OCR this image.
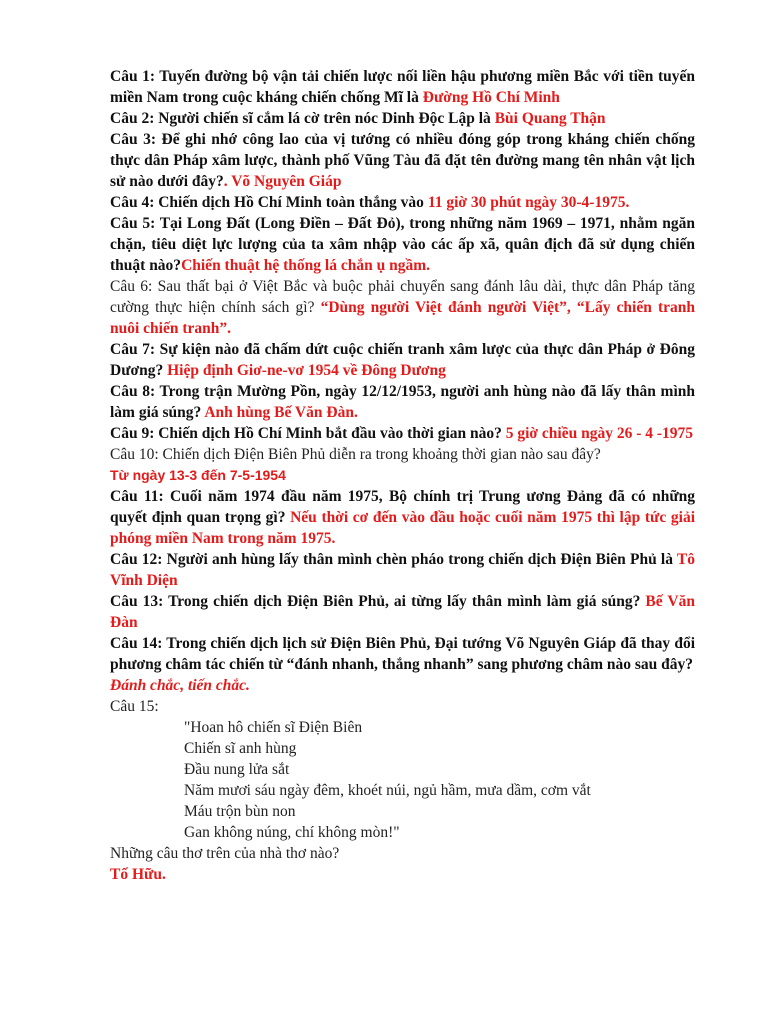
Câu 1: Tuyến đường bộ vận tải chiến lược nối liền hậu phương miền Bắc với tiền tuyến miền Nam trong cuộc kháng chiến chống Mĩ là Đường Hồ Chí Minh

Câu 2: Người chiến sĩ cắm lá cờ trên nóc Dinh Độc Lập là Bùi Quang Thận

Câu 3: Để ghi nhớ công lao của vị tướng có nhiều đóng góp trong kháng chiến chống thực dân Pháp xâm lược, thành phố Vũng Tàu đã đặt tên đường mang tên nhân vật lịch sử nào dưới đây?. Võ Nguyên Giáp

Câu 4: Chiến dịch Hồ Chí Minh toàn thắng vào 11 giờ 30 phút ngày 30-4-1975.

Câu 5: Tại Long Đất (Long Điền – Đất Đỏ), trong những năm 1969 – 1971, nhằm ngăn chặn, tiêu diệt lực lượng của ta xâm nhập vào các ấp xã, quân địch đã sử dụng chiến thuật nào?Chiến thuật hệ thống lá chắn ụ ngầm.

Câu 6: Sau thất bại ở Việt Bắc và buộc phải chuyển sang đánh lâu dài, thực dân Pháp tăng cường thực hiện chính sách gì? “Dùng người Việt đánh người Việt”, “Lấy chiến tranh nuôi chiến tranh”.

Câu 7: Sự kiện nào đã chấm dứt cuộc chiến tranh xâm lược của thực dân Pháp ở Đông Dương? Hiệp định Giơ-ne-vơ 1954 về Đông Dương

Câu 8: Trong trận Mường Pồn, ngày 12/12/1953, người anh hùng nào đã lấy thân mình làm giá súng? Anh hùng Bế Văn Đàn.

Câu 9: Chiến dịch Hồ Chí Minh bắt đầu vào thời gian nào? 5 giờ chiều ngày 26 - 4 -1975

Câu 10: Chiến dịch Điện Biên Phủ diễn ra trong khoảng thời gian nào sau đây?
Từ ngày 13-3 đến 7-5-1954

Câu 11: Cuối năm 1974 đầu năm 1975, Bộ chính trị Trung ương Đảng đã có những quyết định quan trọng gì? Nếu thời cơ đến vào đầu hoặc cuối năm 1975 thì lập tức giải phóng miền Nam trong năm 1975.

Câu 12: Người anh hùng lấy thân mình chèn pháo trong chiến dịch Điện Biên Phủ là Tô Vĩnh Diện

Câu 13: Trong chiến dịch Điện Biên Phủ, ai từng lấy thân mình làm giá súng? Bế Văn Đàn

Câu 14: Trong chiến dịch lịch sử Điện Biên Phủ, Đại tướng Võ Nguyên Giáp đã thay đổi phương châm tác chiến từ “đánh nhanh, thắng nhanh” sang phương châm nào sau đây?

Đánh chắc, tiến chắc.

Câu 15:

"Hoan hô chiến sĩ Điện Biên

Chiến sĩ anh hùng

Đầu nung lửa sắt

Năm mươi sáu ngày đêm, khoét núi, ngủ hầm, mưa dầm, cơm vắt

Máu trộn bùn non

Gan không núng, chí không mòn!"

Những câu thơ trên của nhà thơ nào?

Tố Hữu.
